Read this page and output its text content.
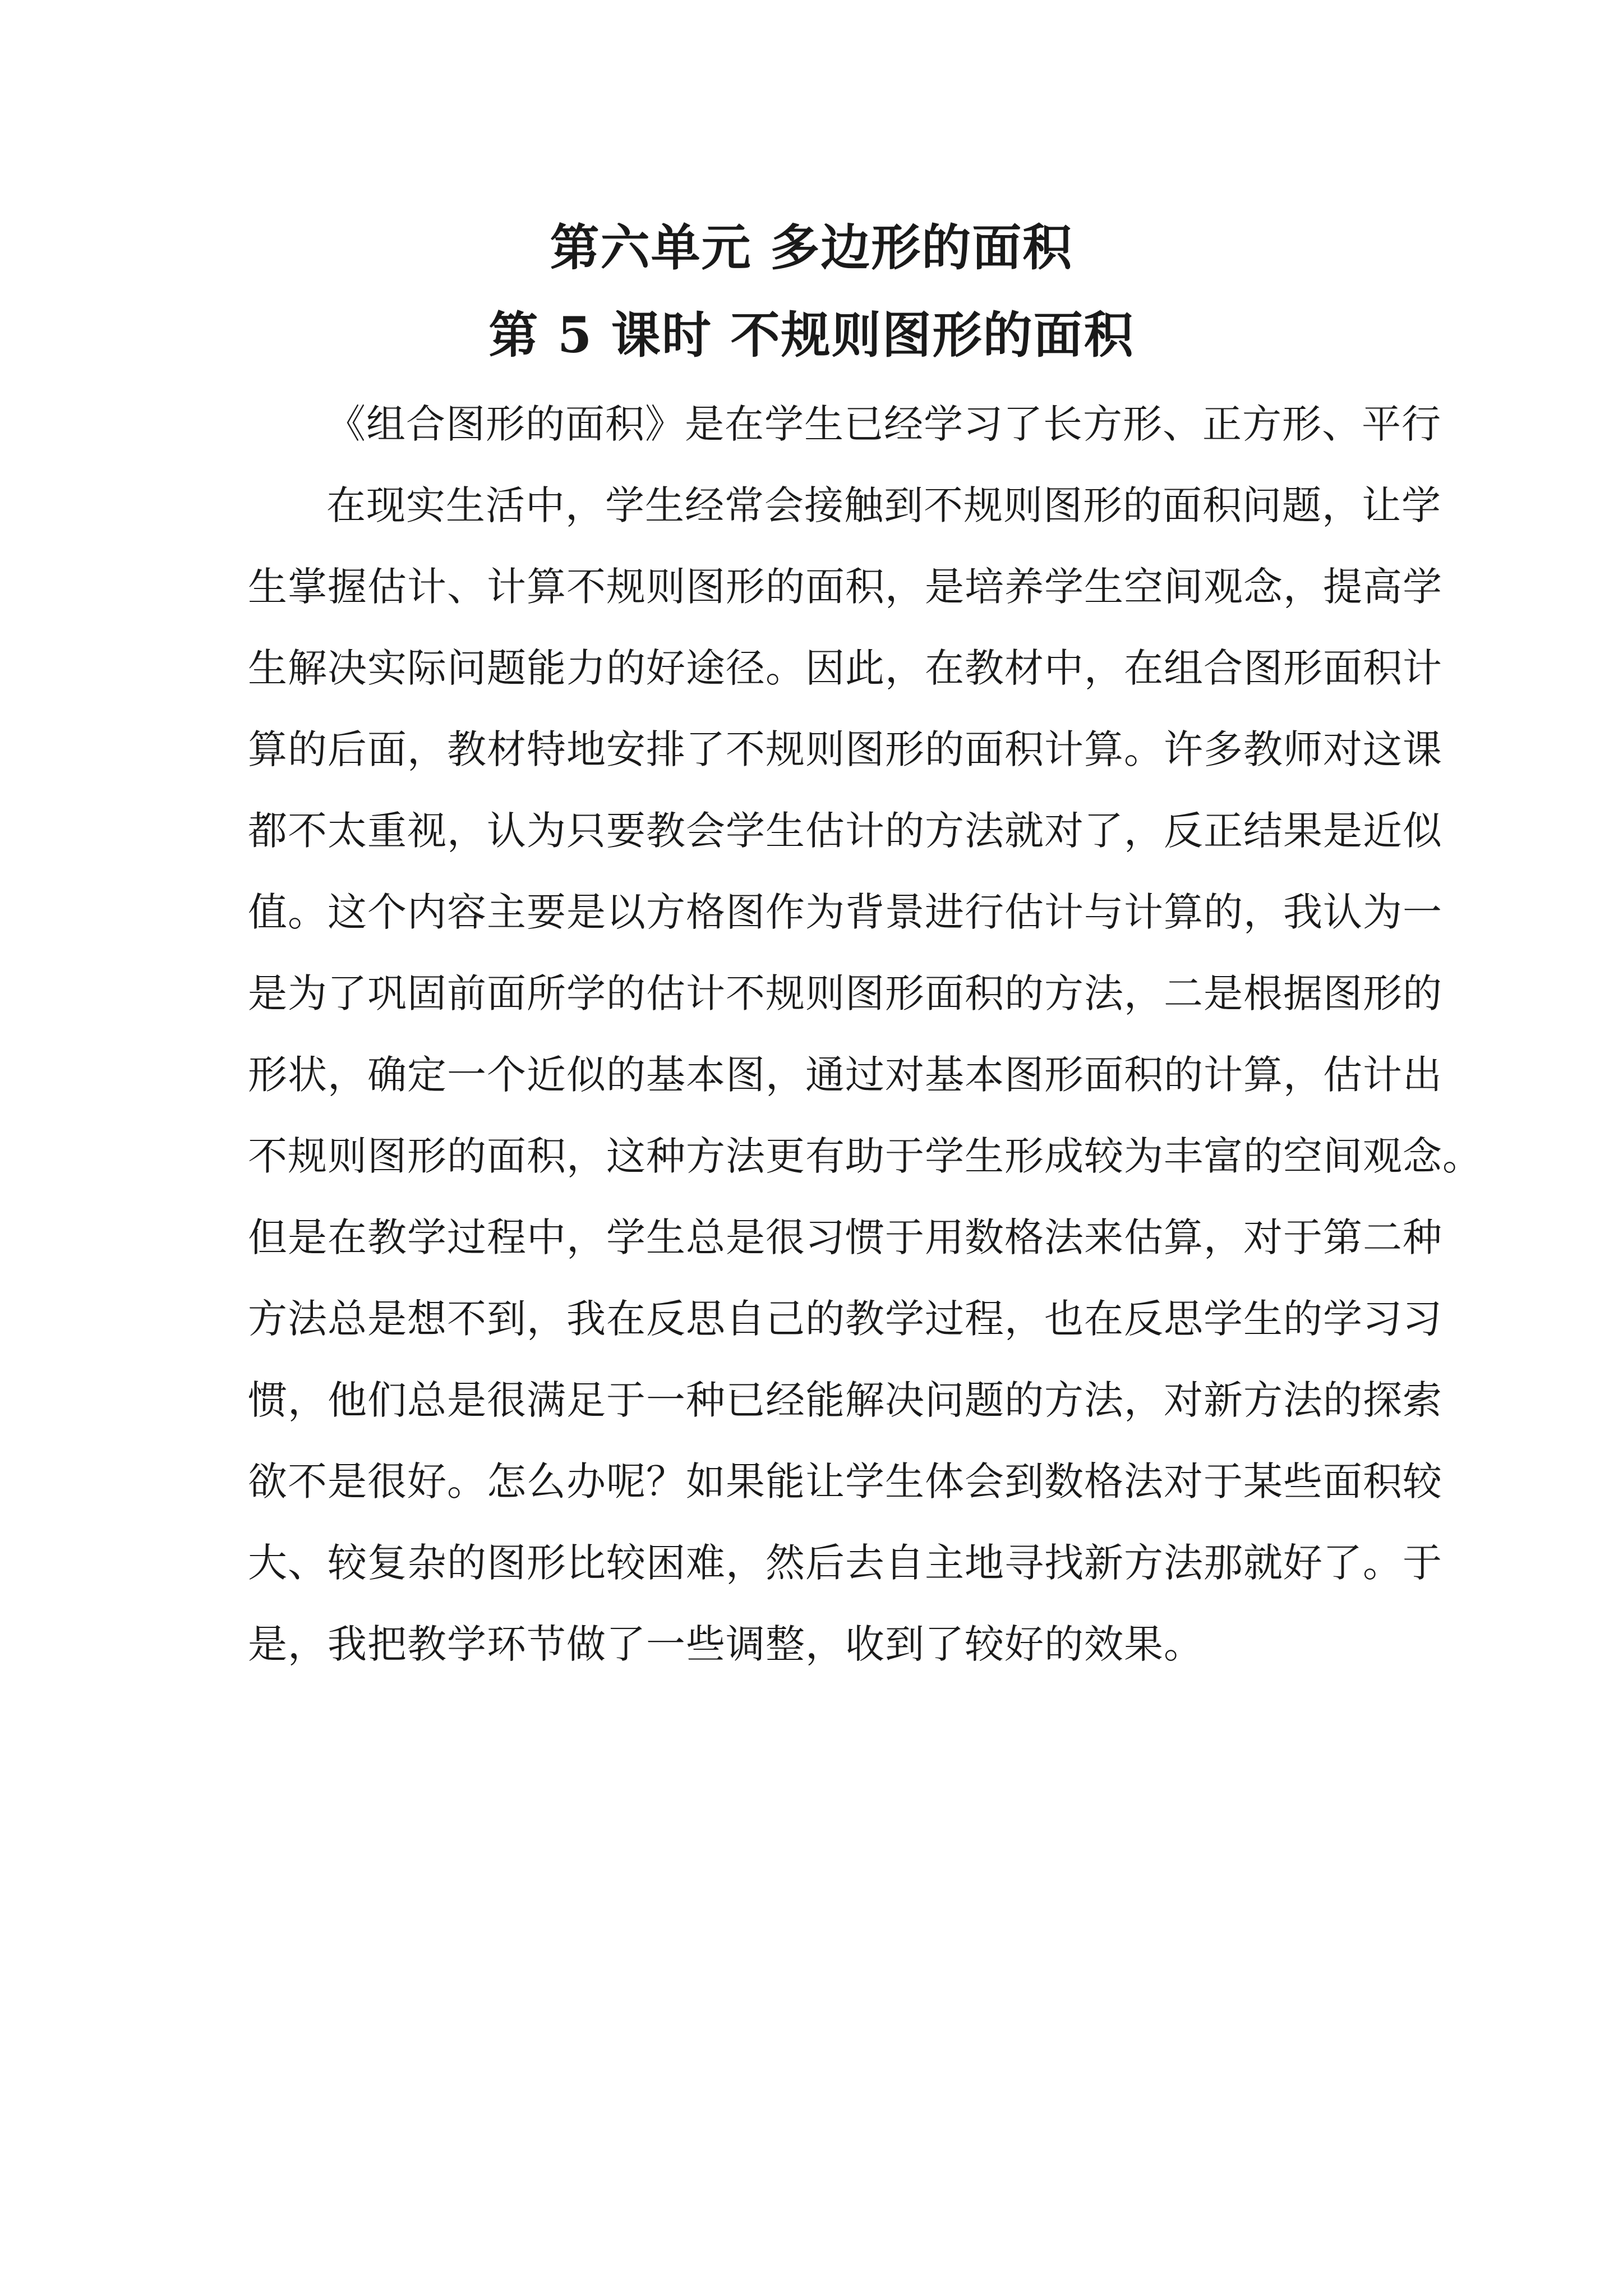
第六单元 多边形的面积
第 5 课时 不规则图形的面积
《组合图形的面积》是在学生已经学习了长方形、正方形、平行
在现实生活中，学生经常会接触到不规则图形的面积问题，让学
生掌握估计、计算不规则图形的面积，是培养学生空间观念，提高学
生解决实际问题能力的好途径。因此，在教材中，在组合图形面积计
算的后面，教材特地安排了不规则图形的面积计算。许多教师对这课
都不太重视，认为只要教会学生估计的方法就对了，反正结果是近似
值。这个内容主要是以方格图作为背景进行估计与计算的，我认为一
是为了巩固前面所学的估计不规则图形面积的方法，二是根据图形的
形状，确定一个近似的基本图，通过对基本图形面积的计算，估计出
不规则图形的面积，这种方法更有助于学生形成较为丰富的空间观念。
但是在教学过程中，学生总是很习惯于用数格法来估算，对于第二种
方法总是想不到，我在反思自己的教学过程，也在反思学生的学习习
惯，他们总是很满足于一种已经能解决问题的方法，对新方法的探索
欲不是很好。怎么办呢？如果能让学生体会到数格法对于某些面积较
大、较复杂的图形比较困难，然后去自主地寻找新方法那就好了。于
是，我把教学环节做了一些调整，收到了较好的效果。
